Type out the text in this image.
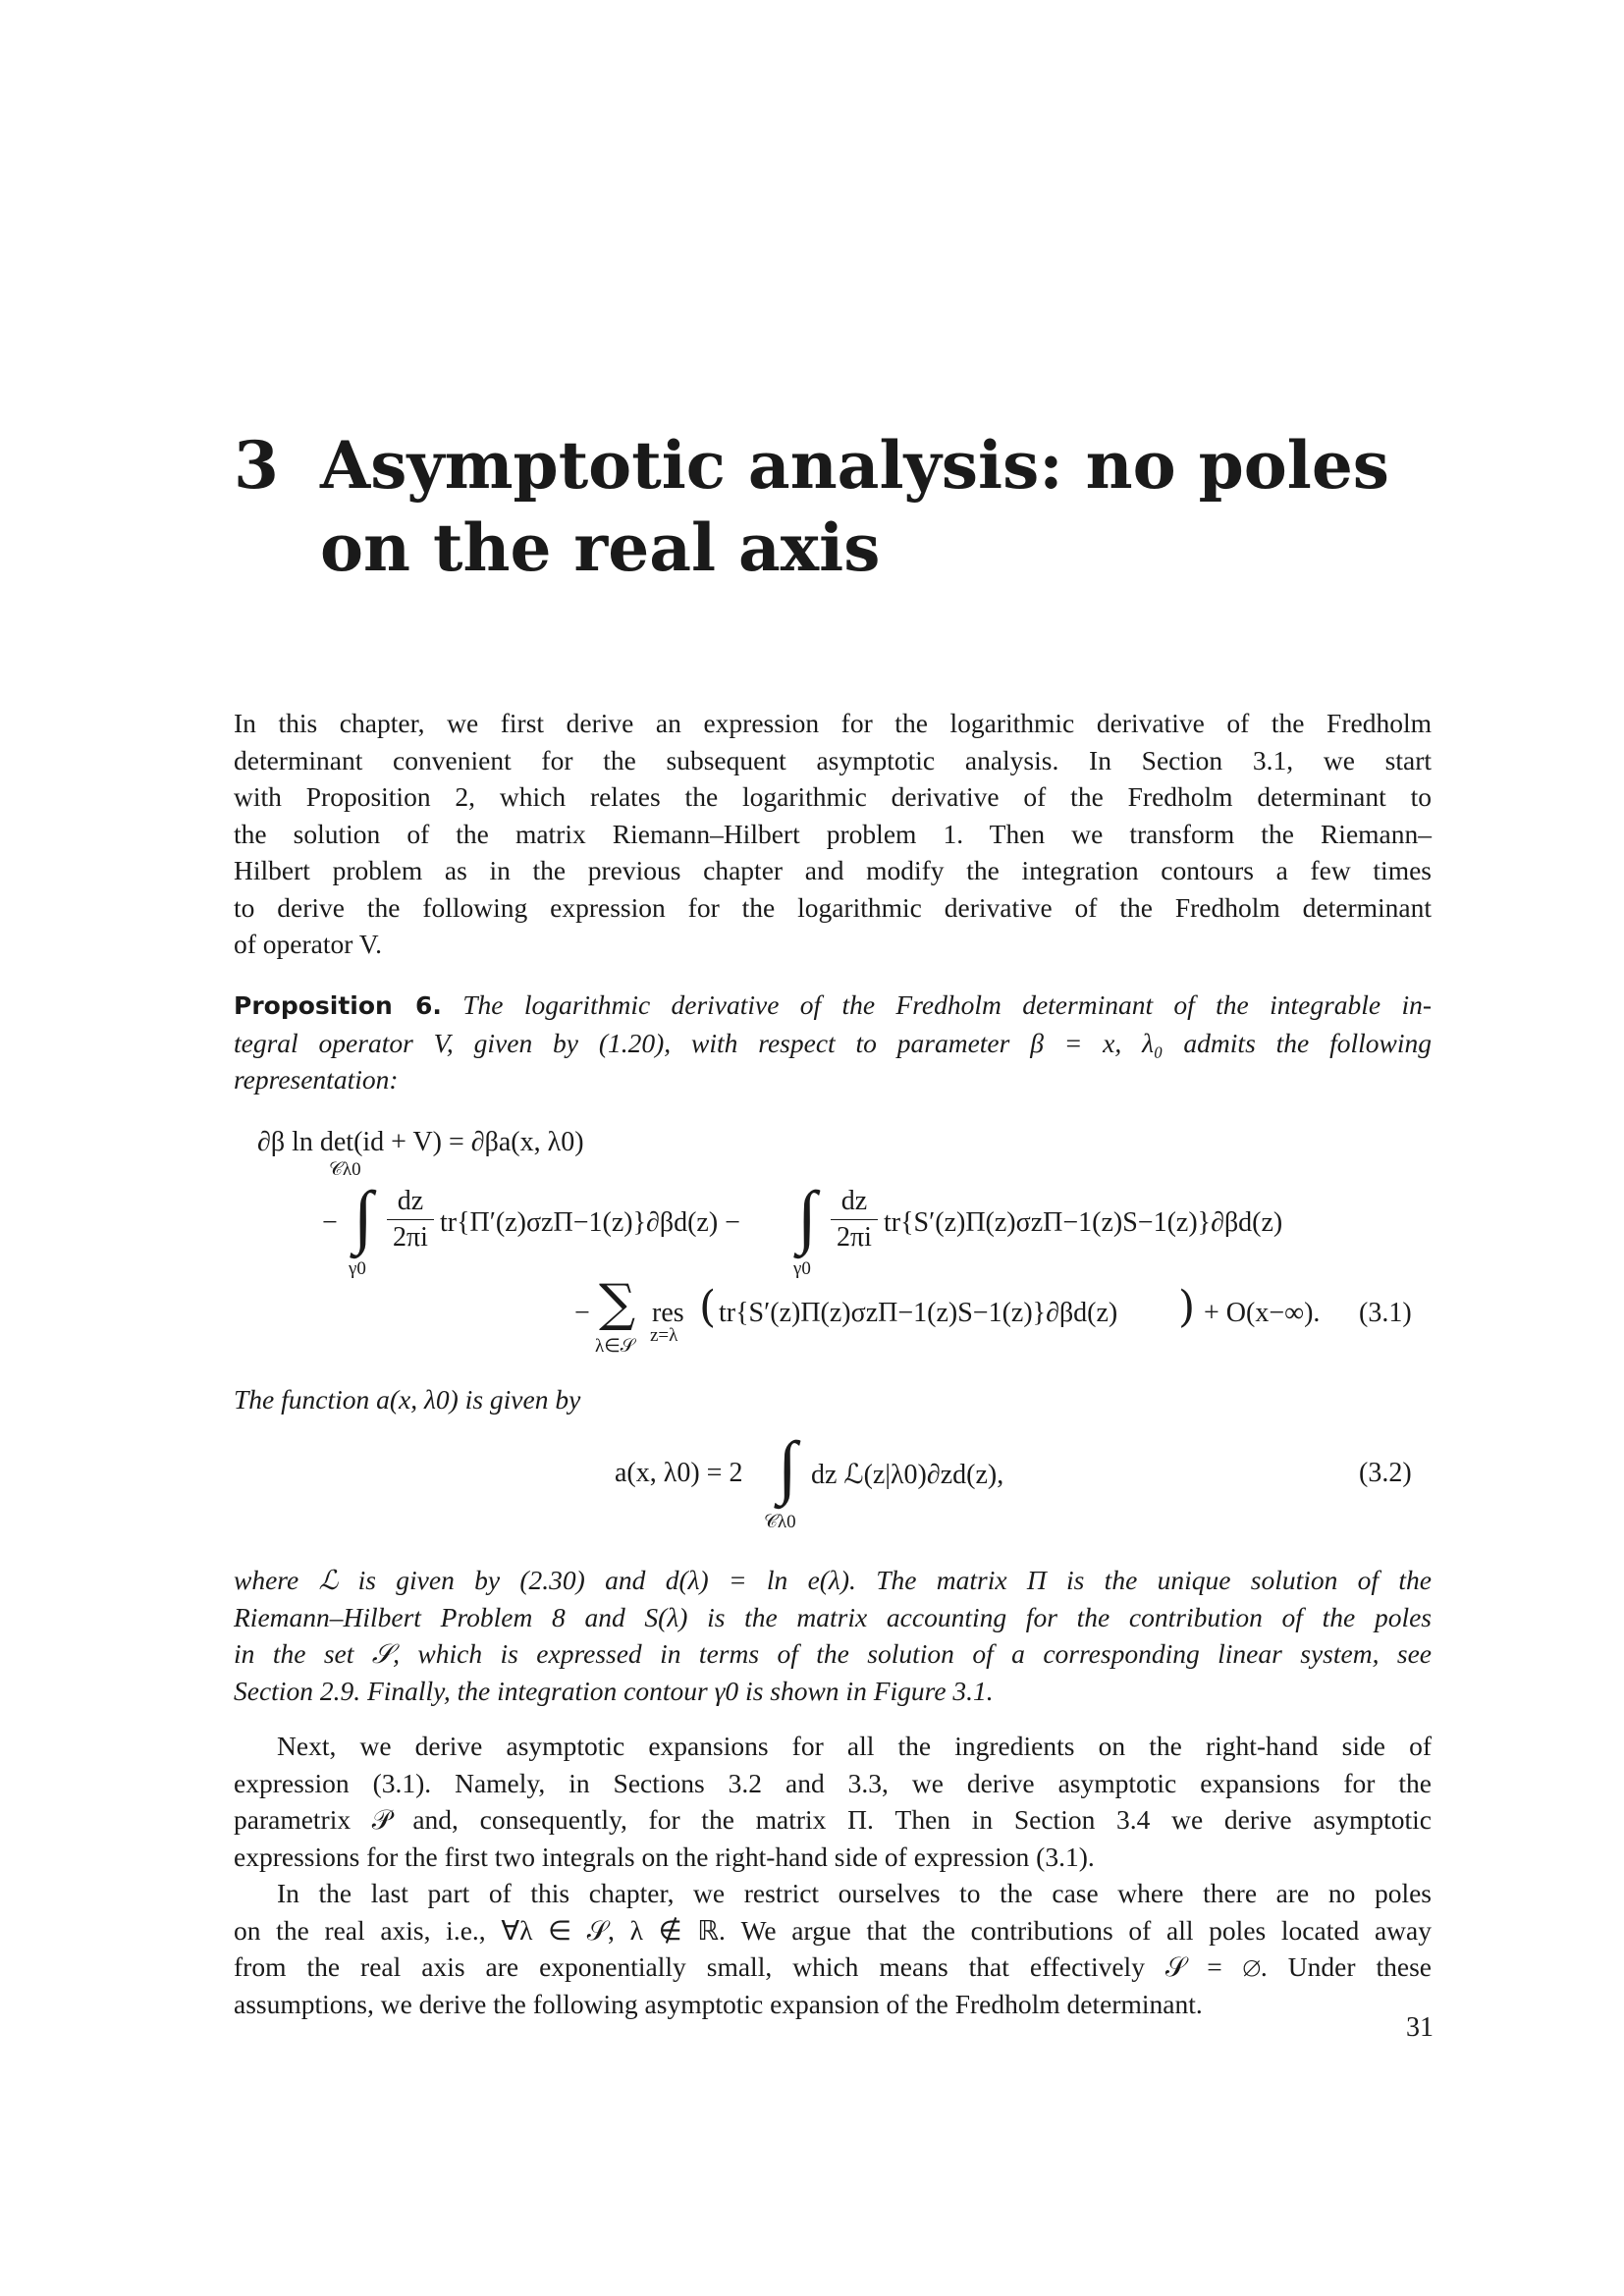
3 Asymptotic analysis: no poles
on the real axis

In this chapter, we first derive an expression for the logarithmic derivative of the Fredholm
determinant convenient for the subsequent asymptotic analysis. In Section 3.1, we start
with Proposition 2, which relates the logarithmic derivative of the Fredholm determinant to
the solution of the matrix Riemann–Hilbert problem 1. Then we transform the Riemann–
Hilbert problem as in the previous chapter and modify the integration contours a few times
to derive the following expression for the logarithmic derivative of the Fredholm determinant
of operator V.

Proposition 6. The logarithmic derivative of the Fredholm determinant of the integrable in-
tegral operator V, given by (1.20), with respect to parameter β = x, λ₀ admits the following
representation:

∂β ln det(id + V) = ∂βa(x, λ0)
𝒞λ0
− ∫
γ0
dz
2πi tr{Π′(z)σzΠ−1(z)}∂βd(z) − ∫
γ0
dz
2πi tr{S′(z)Π(z)σzΠ−1(z)S−1(z)}∂βd(z)
− ∑
λ∈𝒮
res
z=λ
( tr{S′(z)Π(z)σzΠ−1(z)S−1(z)}∂βd(z) ) + O(x−∞). (3.1)

The function a(x, λ0) is given by

a(x, λ0) = 2 ∫
𝒞λ0
dz ℒ(z|λ0)∂zd(z),	(3.2)

where ℒ is given by (2.30) and d(λ) = ln e(λ). The matrix Π is the unique solution of the
Riemann–Hilbert Problem 8 and S(λ) is the matrix accounting for the contribution of the poles
in the set 𝒮, which is expressed in terms of the solution of a corresponding linear system, see
Section 2.9. Finally, the integration contour γ0 is shown in Figure 3.1.

Next, we derive asymptotic expansions for all the ingredients on the right-hand side of
expression (3.1). Namely, in Sections 3.2 and 3.3, we derive asymptotic expansions for the
parametrix 𝒫 and, consequently, for the matrix Π. Then in Section 3.4 we derive asymptotic
expressions for the first two integrals on the right-hand side of expression (3.1).

In the last part of this chapter, we restrict ourselves to the case where there are no poles
on the real axis, i.e., ∀λ ∈ 𝒮, λ ∉ ℝ. We argue that the contributions of all poles located away
from the real axis are exponentially small, which means that effectively 𝒮 = ∅. Under these
assumptions, we derive the following asymptotic expansion of the Fredholm determinant.

31
